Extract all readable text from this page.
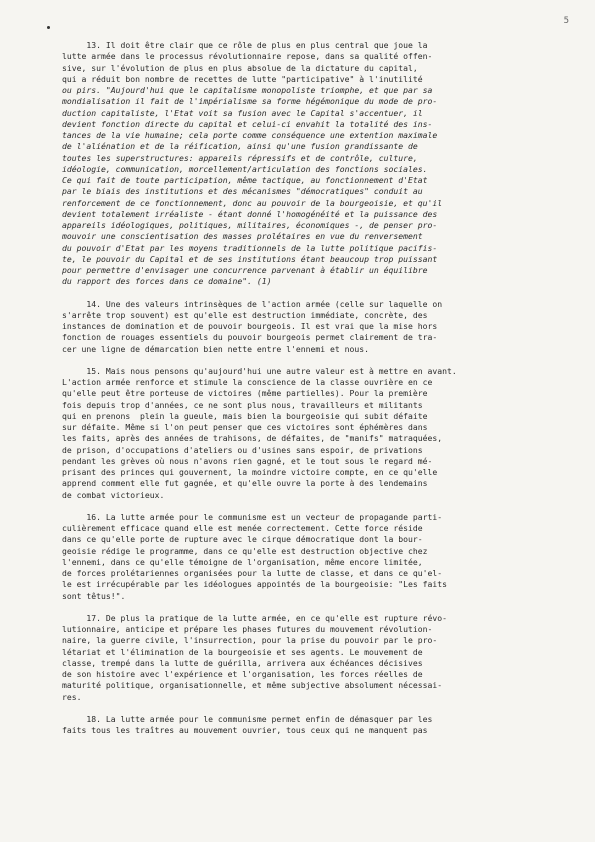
5
13. Il doit être clair que ce rôle de plus en plus central que joue la
lutte armée dans le processus révolutionnaire repose, dans sa qualité offen-
sive, sur l'évolution de plus en plus absolue de la dictature du capital,
qui a réduit bon nombre de recettes de lutte "participative" à l'inutilité
ou pirs. "Aujourd'hui que le capitalisme monopoliste triomphe, et que par sa
mondialisation il fait de l'impérialisme sa forme hégémonique du mode de pro-
duction capitaliste, l'Etat voit sa fusion avec le Capital s'accentuer, il
devient fonction directe du capital et celui-ci envahit la totalité des ins-
tances de la vie humaine; cela porte comme conséquence une extention maximale
de l'aliénation et de la réification, ainsi qu'une fusion grandissante de
toutes les superstructures: appareils répressifs et de contrôle, culture,
idéologie, communication, morcellement/articulation des fonctions sociales.
Ce qui fait de toute participation, même tactique, au fonctionnement d'Etat
par le biais des institutions et des mécanismes "démocratiques" conduit au
renforcement de ce fonctionnement, donc au pouvoir de la bourgeoisie, et qu'il
devient totalement irréaliste - étant donné l'homogénéité et la puissance des
appareils idéologiques, politiques, militaires, économiques -, de penser pro-
mouvoir une conscientisation des masses prolétaires en vue du renversement
du pouvoir d'Etat par les moyens traditionnels de la lutte politique pacifis-
te, le pouvoir du Capital et de ses institutions étant beaucoup trop puissant
pour permettre d'envisager une concurrence parvenant à établir un équilibre
du rapport des forces dans ce domaine". (1)
14. Une des valeurs intrinsèques de l'action armée (celle sur laquelle on
s'arrête trop souvent) est qu'elle est destruction immédiate, concrète, des
instances de domination et de pouvoir bourgeois. Il est vrai que la mise hors
fonction de rouages essentiels du pouvoir bourgeois permet clairement de tra-
cer une ligne de démarcation bien nette entre l'ennemi et nous.
15. Mais nous pensons qu'aujourd'hui une autre valeur est à mettre en avant.
L'action armée renforce et stimule la conscience de la classe ouvrière en ce
qu'elle peut être porteuse de victoires (même partielles). Pour la première
fois depuis trop d'années, ce ne sont plus nous, travailleurs et militants
qui en prenons  plein la gueule, mais bien la bourgeoisie qui subit défaite
sur défaite. Même si l'on peut penser que ces victoires sont éphémères dans
les faits, après des années de trahisons, de défaites, de "manifs" matraquées,
de prison, d'occupations d'ateliers ou d'usines sans espoir, de privations
pendant les grèves où nous n'avons rien gagné, et le tout sous le regard mé-
prisant des princes qui gouvernent, la moindre victoire compte, en ce qu'elle
apprend comment elle fut gagnée, et qu'elle ouvre la porte à des lendemains
de combat victorieux.
16. La lutte armée pour le communisme est un vecteur de propagande parti-
culièrement efficace quand elle est menée correctement. Cette force réside
dans ce qu'elle porte de rupture avec le cirque démocratique dont la bour-
geoisie rédige le programme, dans ce qu'elle est destruction objective chez
l'ennemi, dans ce qu'elle témoigne de l'organisation, même encore limitée,
de forces prolétariennes organisées pour la lutte de classe, et dans ce qu'el-
le est irrécupérable par les idéologues appointés de la bourgeoisie: "Les faits
sont têtus!".
17. De plus la pratique de la lutte armée, en ce qu'elle est rupture révo-
lutionnaire, anticipe et prépare les phases futures du mouvement révolution-
naire, la guerre civile, l'insurrection, pour la prise du pouvoir par le pro-
létariat et l'élimination de la bourgeoisie et ses agents. Le mouvement de
classe, trempé dans la lutte de guérilla, arrivera aux échéances décisives
de son histoire avec l'expérience et l'organisation, les forces réelles de
maturité politique, organisationnelle, et même subjective absolument nécessai-
res.
18. La lutte armée pour le communisme permet enfin de démasquer par les
faits tous les traîtres au mouvement ouvrier, tous ceux qui ne manquent pas
